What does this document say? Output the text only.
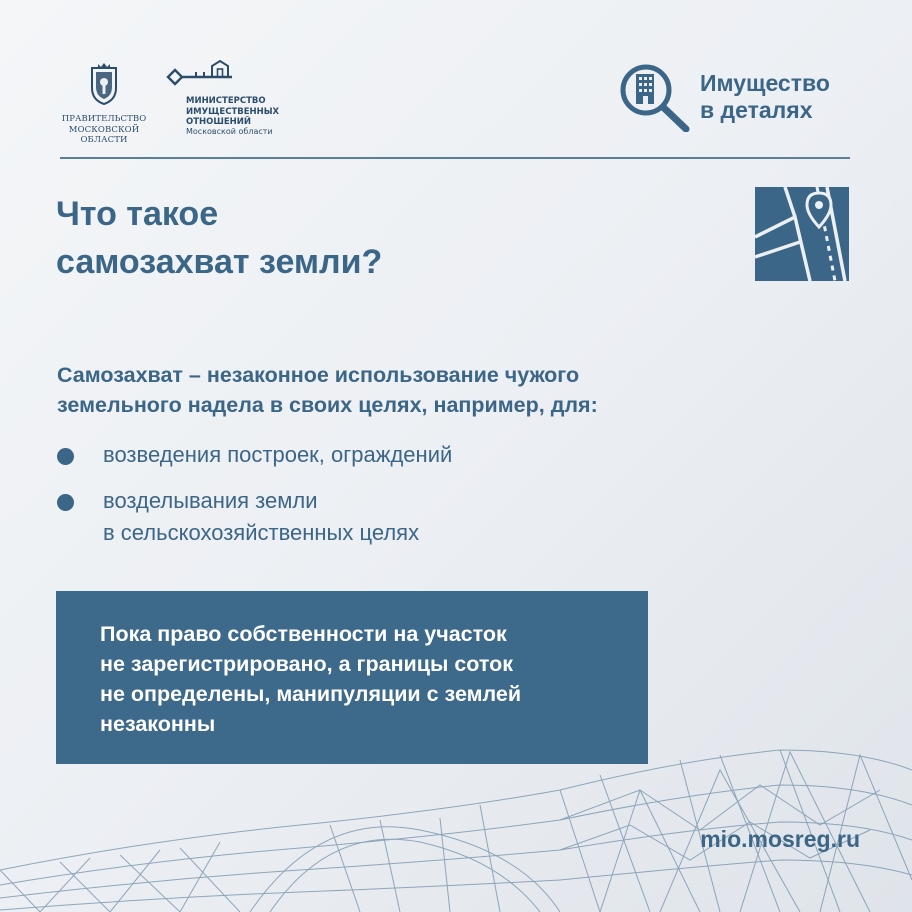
ПРАВИТЕЛЬСТВО
МОСКОВСКОЙ
ОБЛАСТИ
МИНИСТЕРСТВО
ИМУЩЕСТВЕННЫХ
ОТНОШЕНИЙ
Московской области
Имущество
в деталях
Что такое
самозахват земли?
Самозахват – незаконное использование чужого
земельного надела в своих целях, например, для:
возведения построек, ограждений
возделывания земли
в сельскохозяйственных целях
Пока право собственности на участок
не зарегистрировано, а границы соток
не определены, манипуляции с землей
незаконны
mio.mosreg.ru
